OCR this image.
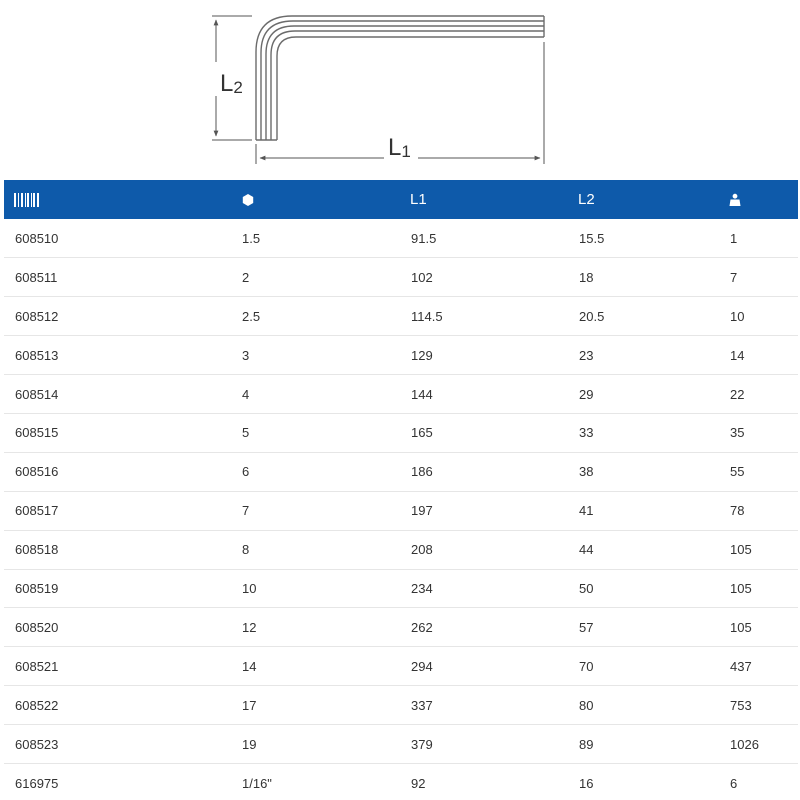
L2
L1
		L1	L2	
608510	1.5	91.5	15.5	1
608511	2	102	18	7
608512	2.5	114.5	20.5	10
608513	3	129	23	14
608514	4	144	29	22
608515	5	165	33	35
608516	6	186	38	55
608517	7	197	41	78
608518	8	208	44	105
608519	10	234	50	105
608520	12	262	57	105
608521	14	294	70	437
608522	17	337	80	753
608523	19	379	89	1026
616975	1/16"	92	16	6
